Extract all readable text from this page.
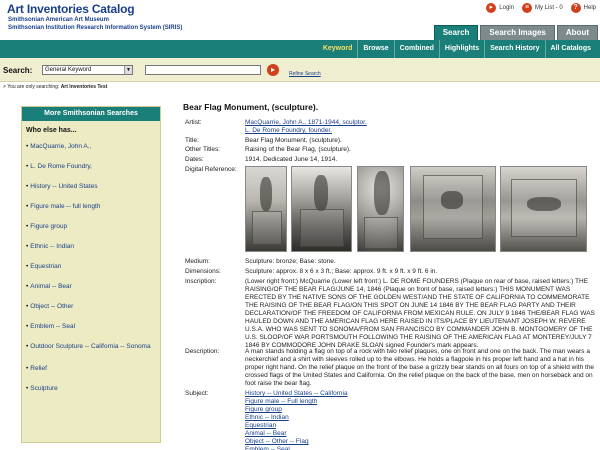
Art Inventories Catalog
Smithsonian American Art Museum
Smithsonian Institution Research Information System (SIRIS)
▸	Login	≡ My List - 0	? Help
Search	Search Images	About
Keyword	Browse	Combined	Highlights	Search History	All Catalogs
Search:	General Keyword	▼	▸	Refine Search
> You are only searching: Art Inventories Test
More Smithsonian Searches
Who else has...
• MacQuarrie, John A.,
• L. De Rome Foundry,
• History -- United States
• Figure male -- full length
• Figure group
• Ethnic -- Indian
• Equestrian
• Animal -- Bear
• Object -- Other
• Emblem -- Seal
• Outdoor Sculpture -- California -- Sonoma
• Relief
• Sculpture
Bear Flag Monument, (sculpture).
Artist:	MacQuarrie, John A., 1871-1944, sculptor.
L. De Rome Foundry, founder.
Title:	Bear Flag Monument, (sculpture).
Other Titles:	Raising of the Bear Flag, (sculpture).
Dates:	1914. Dedicated June 14, 1914.
Digital Reference:
Medium:	Sculpture: bronze; Base: stone.
Dimensions:	Sculpture: approx. 8 x 6 x 3 ft.; Base: approx. 9 ft. x 9 ft. x 9 ft. 6 in.
Inscription:	(Lower right front:) McQuarrie (Lower left front:) L. DE ROME FOUNDERS (Plaque on rear of base, raised letters:) THE RAISING/OF THE BEAR FLAG/JUNE 14, 1846 (Plaque on front of base, raised letters:) THIS MONUMENT WAS ERECTED BY THE NATIVE SONS OF THE GOLDEN WEST/AND THE STATE OF CALIFORNIA TO COMMEMORATE THE RAISING OF THE BEAR FLAG/ON THIS SPOT ON JUNE 14 1846 BY THE BEAR FLAG PARTY AND THEIR DECLARATION/OF THE FREEDOM OF CALIFORNIA FROM MEXICAN RULE. ON JULY 9 1846 THE/BEAR FLAG WAS HAULED DOWN AND THE AMERICAN FLAG HERE RAISED IN ITS/PLACE BY LIEUTENANT JOSEPH W. REVERE U.S.A. WHO WAS SENT TO SONOMA/FROM SAN FRANCISCO BY COMMANDER JOHN B. MONTGOMERY OF THE U.S. SLOOP/OF WAR PORTSMOUTH FOLLOWING THE RAISING OF THE AMERICAN FLAG AT MONTEREY/JULY 7 1846 BY COMMODORE JOHN DRAKE SLOAN signed Founder's mark appears.
Description:	A man stands holding a flag on top of a rock with two relief plaques, one on front and one on the back. The man wears a neckerchief and a shirt with sleeves rolled up to the elbows. He holds a flagpole in his proper left hand and a hat in his proper right hand. On the relief plaque on the front of the base a grizzly bear stands on all fours on top of a shield with the crossed flags of the United States and California. On the relief plaque on the back of the base, men on horseback and on foot raise the bear flag.
Subject:	History -- United States -- California
Figure male -- Full length
Figure group
Ethnic -- Indian
Equestrian
Animal -- Bear
Object -- Other -- Flag
Emblem -- Seal
